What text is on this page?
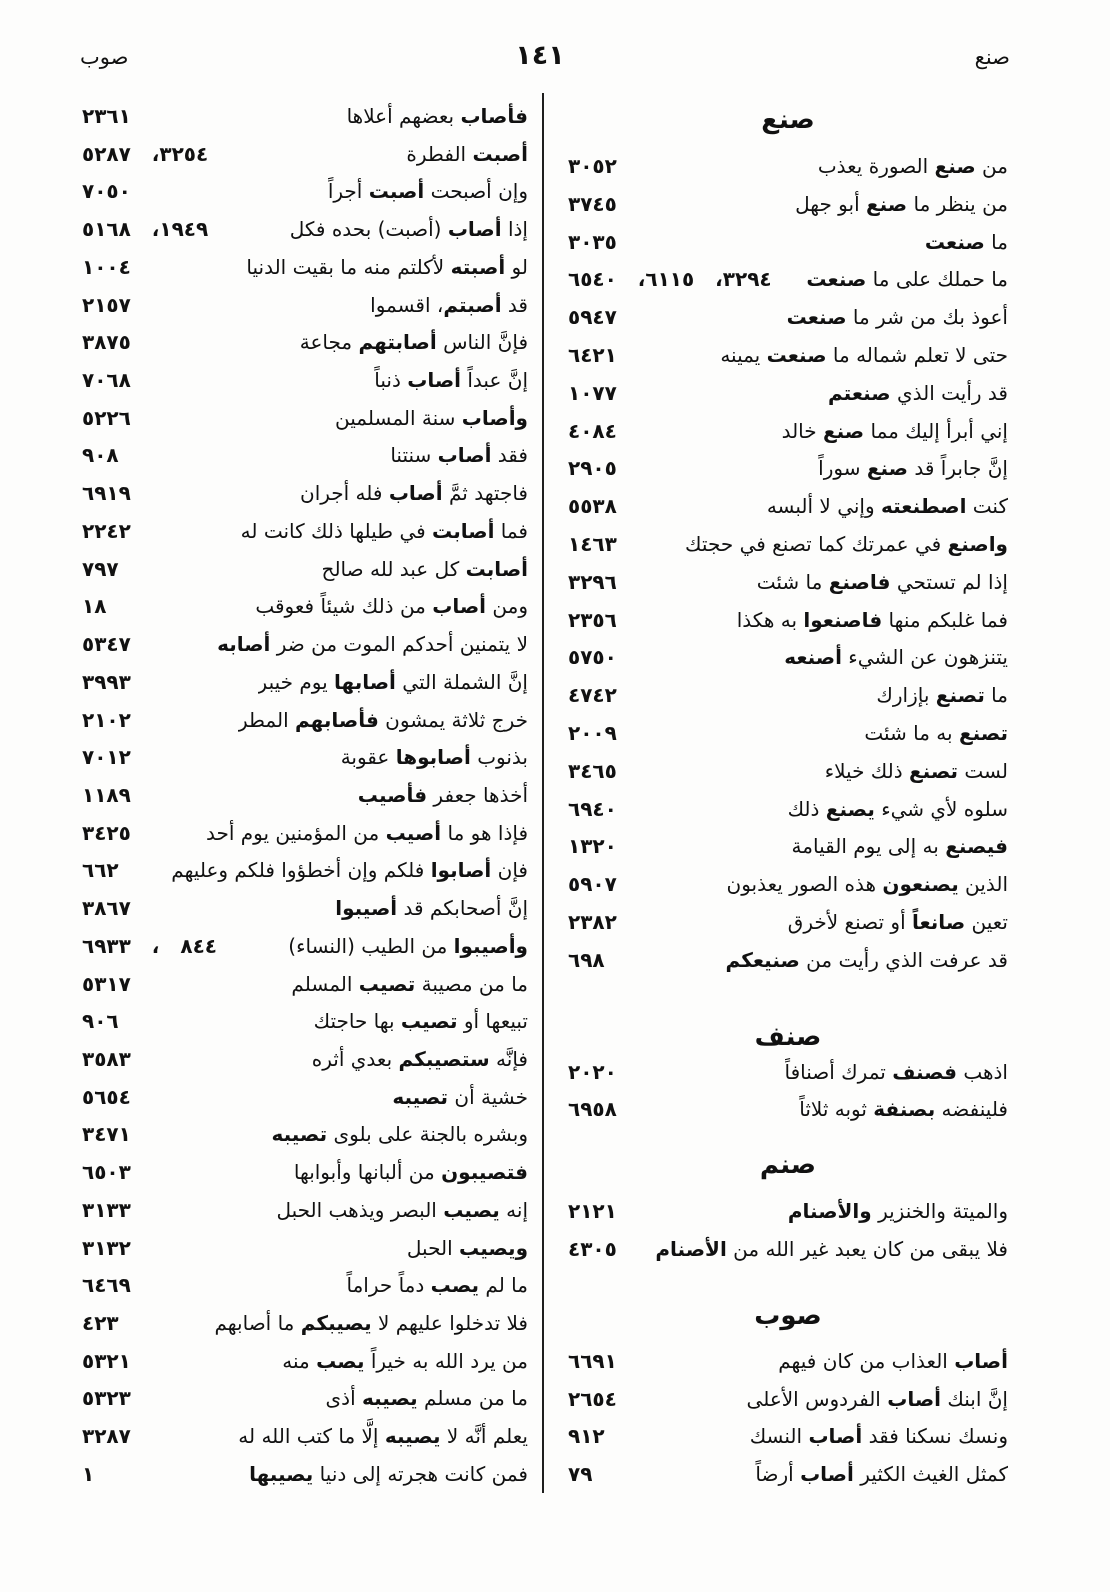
صنع
١٤١
صوب
صنع
من صنع الصورة يعذب
٣٠٥٢
من ينظر ما صنع أبو جهل
٣٧٤٥
ما صنعت
٣٠٣٥
ما حملك على ما صنعت
٣٢٩٤، ٦١١٥، ٦٥٤٠
أعوذ بك من شر ما صنعت
٥٩٤٧
حتى لا تعلم شماله ما صنعت يمينه
٦٤٢١
قد رأيت الذي صنعتم
١٠٧٧
إني أبرأ إليك مما صنع خالد
٤٠٨٤
إنَّ جابراً قد صنع سوراً
٢٩٠٥
كنت اصطنعته وإني لا ألبسه
٥٥٣٨
واصنع في عمرتك كما تصنع في حجتك
١٤٦٣
إذا لم تستحي فاصنع ما شئت
٣٢٩٦
فما غلبكم منها فاصنعوا به هكذا
٢٣٥٦
يتنزهون عن الشيء أصنعه
٥٧٥٠
ما تصنع بإزارك
٤٧٤٢
تصنع به ما شئت
٢٠٠٩
لست تصنع ذلك خيلاء
٣٤٦٥
سلوه لأي شيء يصنع ذلك
٦٩٤٠
فيصنع به إلى يوم القيامة
١٣٢٠
الذين يصنعون هذه الصور يعذبون
٥٩٠٧
تعين صانعاً أو تصنع لأخرق
٢٣٨٢
قد عرفت الذي رأيت من صنيعكم
٦٩٨
صنف
اذهب فصنف تمرك أصنافاً
٢٠٢٠
فلينفضه بصنفة ثوبه ثلاثاً
٦٩٥٨
صنم
والميتة والخنزير والأصنام
٢١٢١
فلا يبقى من كان يعبد غير الله من الأصنام
٤٣٠٥
صوب
أصاب العذاب من كان فيهم
٦٦٩١
إنَّ ابنك أصاب الفردوس الأعلى
٢٦٥٤
ونسك نسكنا فقد أصاب النسك
٩١٢
كمثل الغيث الكثير أصاب أرضاً
٧٩
فأصاب بعضهم أعلاها
٢٣٦١
أصبت الفطرة
٣٢٥٤، ٥٢٨٧
وإن أصبحت أصبت أجراً
٧٠٥٠
إذا أصاب (أصبت) بحده فكل
١٩٤٩، ٥١٦٨
لو أصبته لأكلتم منه ما بقيت الدنيا
١٠٠٤
قد أصبتم، اقسموا
٢١٥٧
فإنَّ الناس أصابتهم مجاعة
٣٨٧٥
إنَّ عبداً أصاب ذنباً
٧٠٦٨
وأصاب سنة المسلمين
٥٢٢٦
فقد أصاب سنتنا
٩٠٨
فاجتهد ثمَّ أصاب فله أجران
٦٩١٩
فما أصابت في طيلها ذلك كانت له
٢٢٤٢
أصابت كل عبد لله صالح
٧٩٧
ومن أصاب من ذلك شيئاً فعوقب
١٨
لا يتمنين أحدكم الموت من ضر أصابه
٥٣٤٧
إنَّ الشملة التي أصابها يوم خيبر
٣٩٩٣
خرج ثلاثة يمشون فأصابهم المطر
٢١٠٢
بذنوب أصابوها عقوبة
٧٠١٢
أخذها جعفر فأصيب
١١٨٩
فإذا هو ما أصيب من المؤمنين يوم أحد
٣٤٢٥
فإن أصابوا فلكم وإن أخطؤوا فلكم وعليهم
٦٦٢
إنَّ أصحابكم قد أصيبوا
٣٨٦٧
وأصيبوا من الطيب (النساء)
٨٤٤ ، ٦٩٣٣
ما من مصيبة تصيب المسلم
٥٣١٧
تبيعها أو تصيب بها حاجتك
٩٠٦
فإنَّه ستصيبكم بعدي أثره
٣٥٨٣
خشية أن تصيبه
٥٦٥٤
وبشره بالجنة على بلوى تصيبه
٣٤٧١
فتصيبون من ألبانها وأبوابها
٦٥٠٣
إنه يصيب البصر ويذهب الحبل
٣١٣٣
ويصيب الحبل
٣١٣٢
ما لم يصب دماً حراماً
٦٤٦٩
فلا تدخلوا عليهم لا يصيبكم ما أصابهم
٤٢٣
من يرد الله به خيراً يصب منه
٥٣٢١
ما من مسلم يصيبه أذى
٥٣٢٣
يعلم أنَّه لا يصيبه إلَّا ما كتب الله له
٣٢٨٧
فمن كانت هجرته إلى دنيا يصيبها
١
